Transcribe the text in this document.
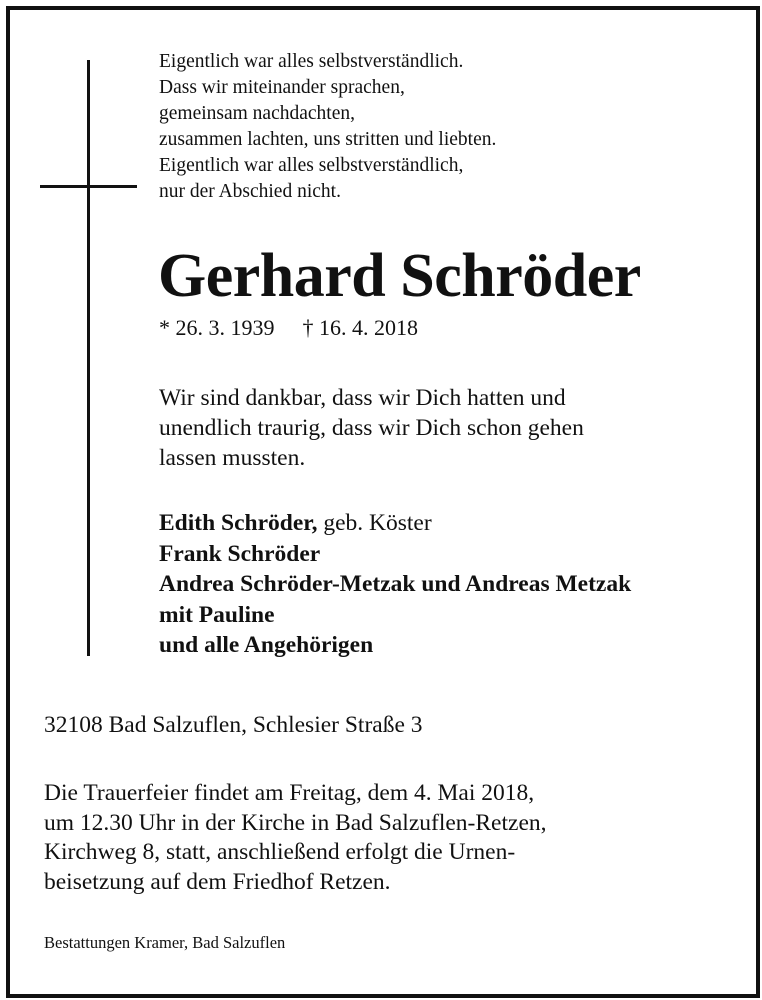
Eigentlich war alles selbstverständlich.
Dass wir miteinander sprachen,
gemeinsam nachdachten,
zusammen lachten, uns stritten und liebten.
Eigentlich war alles selbstverständlich,
nur der Abschied nicht.
Gerhard Schröder
* 26. 3. 1939 † 16. 4. 2018
Wir sind dankbar, dass wir Dich hatten und
unendlich traurig, dass wir Dich schon gehen
lassen mussten.
Edith Schröder, geb. Köster
Frank Schröder
Andrea Schröder-Metzak und Andreas Metzak
mit Pauline
und alle Angehörigen
32108 Bad Salzuflen, Schlesier Straße 3
Die Trauerfeier findet am Freitag, dem 4. Mai 2018,
um 12.30 Uhr in der Kirche in Bad Salzuflen-Retzen,
Kirchweg 8, statt, anschließend erfolgt die Urnen-
beisetzung auf dem Friedhof Retzen.
Bestattungen Kramer, Bad Salzuflen
